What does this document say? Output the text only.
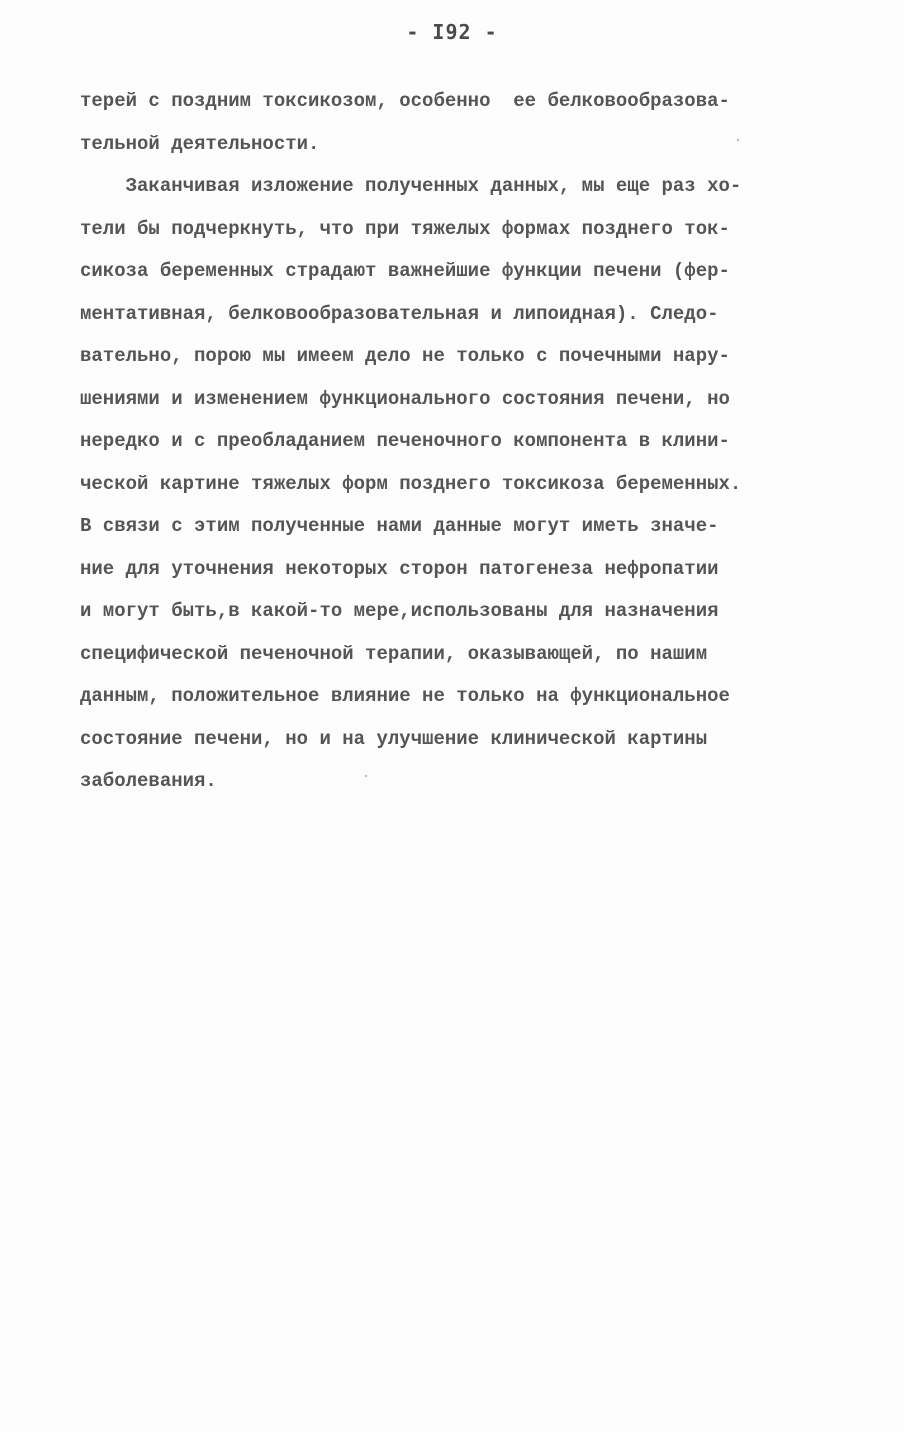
- I92 -
терей с поздним токсикозом, особенно  ее белковообразова-
тельной деятельности.
Заканчивая изложение полученных данных, мы еще раз хо-
тели бы подчеркнуть, что при тяжелых формах позднего ток-
сикоза беременных страдают важнейшие функции печени (фер-
ментативная, белковообразовательная и липоидная). Следо-
вательно, порою мы имеем дело не только с почечными нару-
шениями и изменением функционального состояния печени, но
нередко и с преобладанием печеночного компонента в клини-
ческой картине тяжелых форм позднего токсикоза беременных.
В связи с этим полученные нами данные могут иметь значе-
ние для уточнения некоторых сторон патогенеза нефропатии
и могут быть,в какой-то мере,использованы для назначения
специфической печеночной терапии, оказывающей, по нашим
данным, положительное влияние не только на функциональное
состояние печени, но и на улучшение клинической картины
заболевания.
